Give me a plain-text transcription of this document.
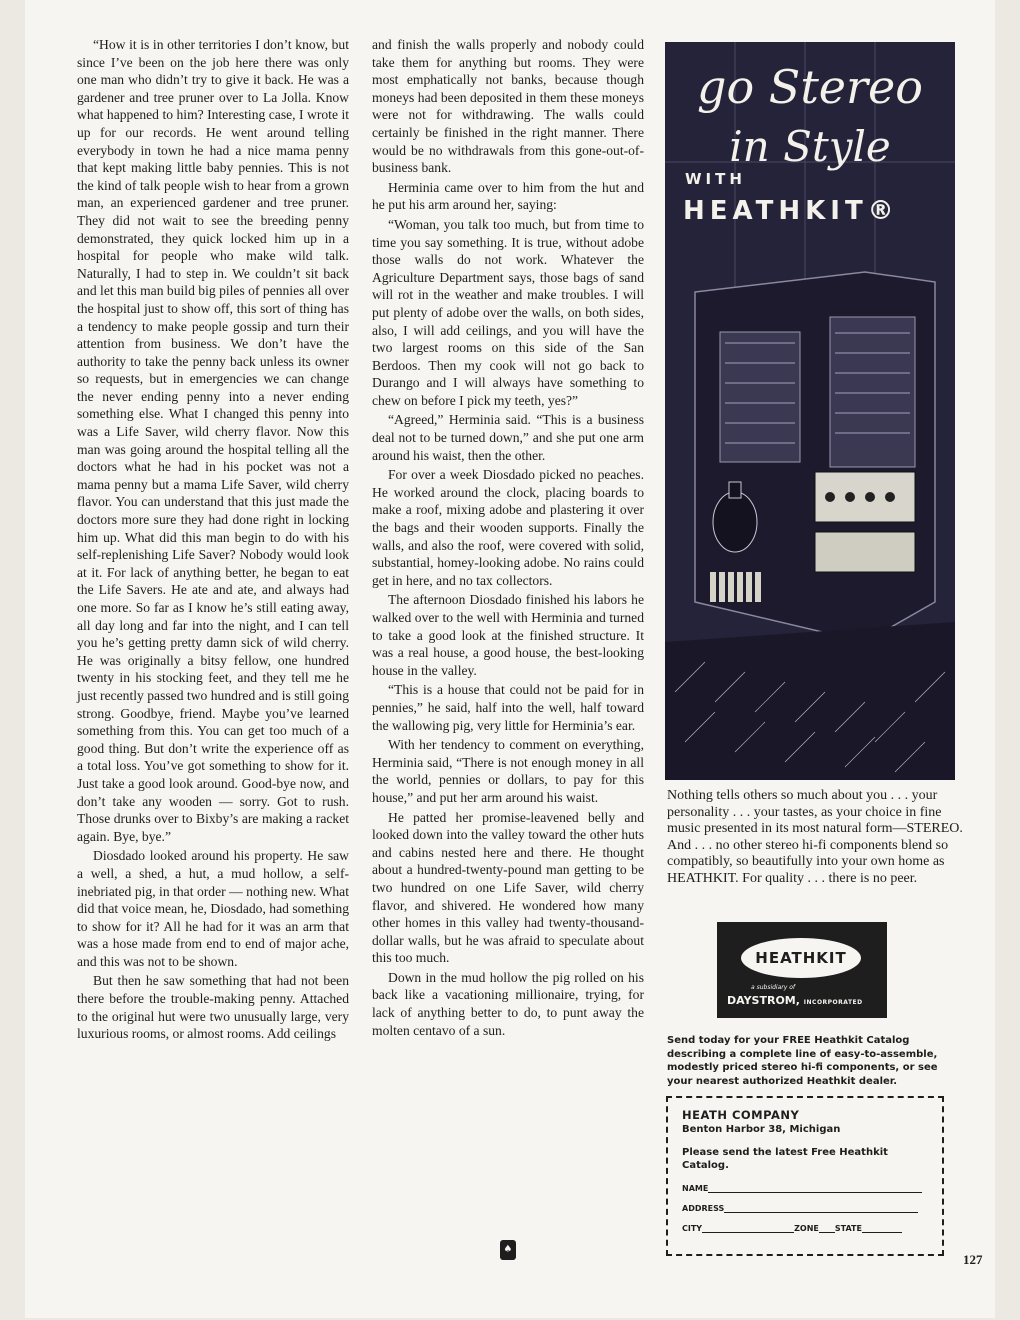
“How it is in other territories I don’t know, but since I’ve been on the job here there was only one man who didn’t try to give it back. He was a gardener and tree pruner over to La Jolla. Know what happened to him? Interesting case, I wrote it up for our records. He went around telling everybody in town he had a nice mama penny that kept making little baby pennies. This is not the kind of talk people wish to hear from a grown man, an experienced gardener and tree pruner. They did not wait to see the breeding penny demonstrated, they quick locked him up in a hospital for people who make wild talk. Naturally, I had to step in. We couldn’t sit back and let this man build big piles of pennies all over the hospital just to show off, this sort of thing has a tendency to make people gossip and turn their attention from business. We don’t have the authority to take the penny back unless its owner so requests, but in emergencies we can change the never ending penny into a never ending something else. What I changed this penny into was a Life Saver, wild cherry flavor. Now this man was going around the hospital telling all the doctors what he had in his pocket was not a mama penny but a mama Life Saver, wild cherry flavor. You can understand that this just made the doctors more sure they had done right in locking him up. What did this man begin to do with his self-replenishing Life Saver? Nobody would look at it. For lack of anything better, he began to eat the Life Savers. He ate and ate, and always had one more. So far as I know he’s still eating away, all day long and far into the night, and I can tell you he’s getting pretty damn sick of wild cherry. He was originally a bitsy fellow, one hundred twenty in his stocking feet, and they tell me he just recently passed two hundred and is still going strong. Goodbye, friend. Maybe you’ve learned something from this. You can get too much of a good thing. But don’t write the experience off as a total loss. You’ve got something to show for it. Just take a good look around. Good-bye now, and don’t take any wooden — sorry. Got to rush. Those drunks over to Bixby’s are making a racket again. Bye, bye.”

Diosdado looked around his property. He saw a well, a shed, a hut, a mud hollow, a self-inebriated pig, in that order — nothing new. What did that voice mean, he, Diosdado, had something to show for it? All he had for it was an arm that was a hose made from end to end of major ache, and this was not to be shown.

But then he saw something that had not been there before the trouble-making penny. Attached to the original hut were two unusually large, very luxurious rooms, or almost rooms. Add ceilings

and finish the walls properly and nobody could take them for anything but rooms. They were most emphatically not banks, because though moneys had been deposited in them these moneys were not for withdrawing. The walls could certainly be finished in the right manner. There would be no withdrawals from this gone-out-of-business bank.

Herminia came over to him from the hut and he put his arm around her, saying:

“Woman, you talk too much, but from time to time you say something. It is true, without adobe those walls do not work. Whatever the Agriculture Department says, those bags of sand will rot in the weather and make troubles. I will put plenty of adobe over the walls, on both sides, also, I will add ceilings, and you will have the two largest rooms on this side of the San Berdoos. Then my cook will not go back to Durango and I will always have something to chew on before I pick my teeth, yes?”

“Agreed,” Herminia said. “This is a business deal not to be turned down,” and she put one arm around his waist, then the other.

For over a week Diosdado picked no peaches. He worked around the clock, placing boards to make a roof, mixing adobe and plastering it over the bags and their wooden supports. Finally the walls, and also the roof, were covered with solid, substantial, homey-looking adobe. No rains could get in here, and no tax collectors.

The afternoon Diosdado finished his labors he walked over to the well with Herminia and turned to take a good look at the finished structure. It was a real house, a good house, the best-looking house in the valley.

“This is a house that could not be paid for in pennies,” he said, half into the well, half toward the wallowing pig, very little for Herminia’s ear.

With her tendency to comment on everything, Herminia said, “There is not enough money in all the world, pennies or dollars, to pay for this house,” and put her arm around his waist.

He patted her promise-leavened belly and looked down into the valley toward the other huts and cabins nested here and there. He thought about a hundred-twenty-pound man getting to be two hundred on one Life Saver, wild cherry flavor, and shivered. He wondered how many other homes in this valley had twenty-thousand-dollar walls, but he was afraid to speculate about this too much.

Down in the mud hollow the pig rolled on his back like a vacationing millionaire, trying, for lack of anything better to do, to punt away the molten centavo of a sun.

♠
go Stereo
in Style
WITH
HEATHKIT®
Nothing tells others so much about you . . . your personality . . . your tastes, as your choice in fine music presented in its most natural form—STEREO. And . . . no other stereo hi-fi components blend so compatibly, so beautifully into your own home as HEATHKIT. For quality . . . there is no peer.
HEATHKIT
a subsidiary of
DAYSTROM, INCORPORATED
Send today for your FREE Heathkit Catalog describing a complete line of easy-to-assemble, modestly priced stereo hi-fi components, or see your nearest authorized Heathkit dealer.
HEATH COMPANY
Benton Harbor 38, Michigan
Please send the latest Free Heathkit Catalog.
NAME
ADDRESS
CITY	ZONE STATE
127
